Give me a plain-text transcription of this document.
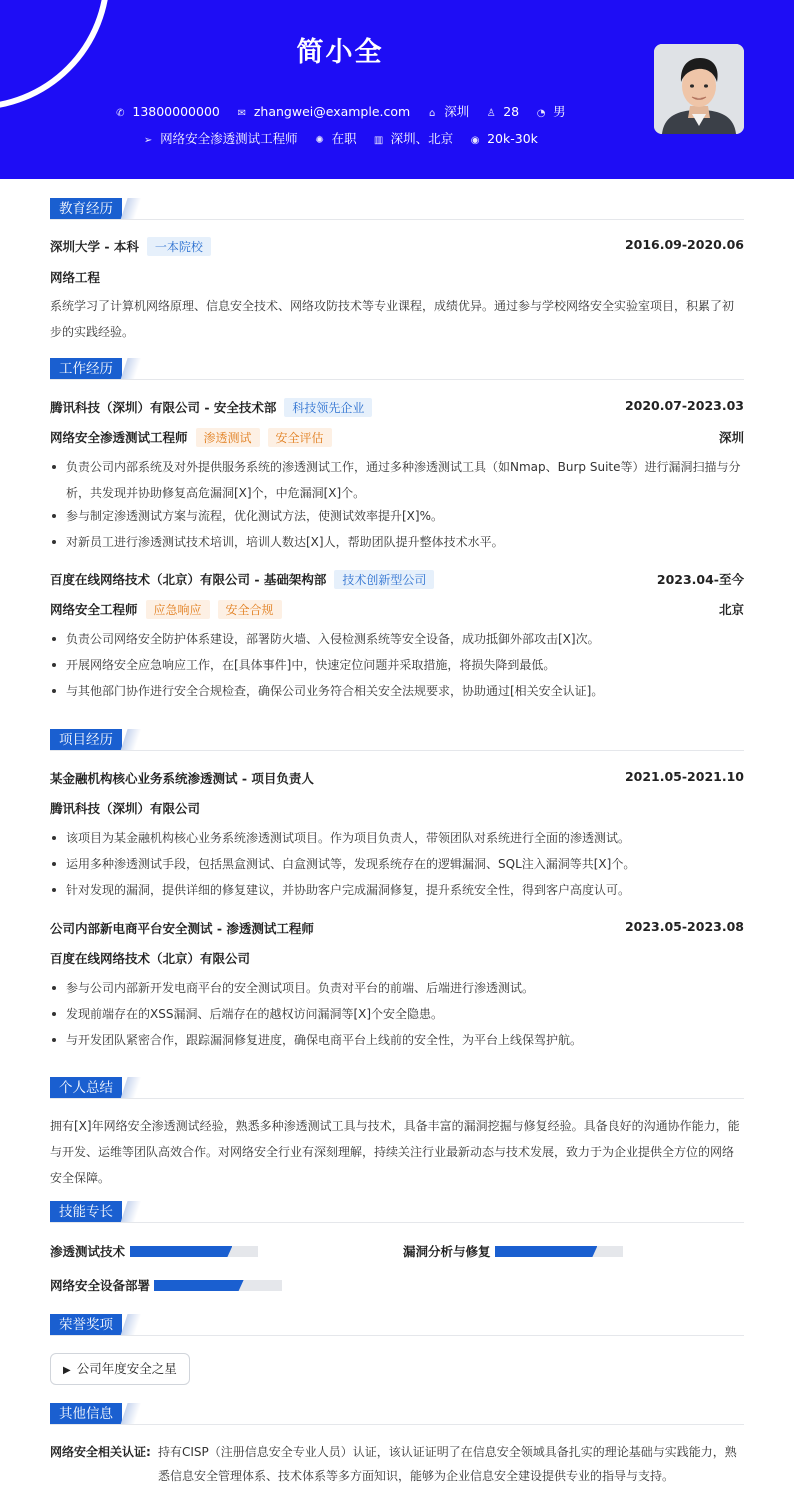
简小全
✆ 13800000000 ✉ zhangwei@example.com ⌂ 深圳 ♙ 28 ◔ 男
➢ 网络安全渗透测试工程师 ✺ 在职 ▥ 深圳、北京 ◉ 20k-30k
教育经历
深圳大学 - 本科 一本院校	2016.09-2020.06
网络工程
系统学习了计算机网络原理、信息安全技术、网络攻防技术等专业课程，成绩优异。通过参与学校网络安全实验室项目，积累了初步的实践经验。
工作经历
腾讯科技（深圳）有限公司 - 安全技术部 科技领先企业	2020.07-2023.03
网络安全渗透测试工程师 渗透测试 安全评估	深圳
负责公司内部系统及对外提供服务系统的渗透测试工作，通过多种渗透测试工具（如Nmap、Burp Suite等）进行漏洞扫描与分析，共发现并协助修复高危漏洞[X]个，中危漏洞[X]个。
参与制定渗透测试方案与流程，优化测试方法，使测试效率提升[X]%。
对新员工进行渗透测试技术培训，培训人数达[X]人，帮助团队提升整体技术水平。
百度在线网络技术（北京）有限公司 - 基础架构部 技术创新型公司	2023.04-至今
网络安全工程师 应急响应 安全合规	北京
负责公司网络安全防护体系建设，部署防火墙、入侵检测系统等安全设备，成功抵御外部攻击[X]次。
开展网络安全应急响应工作，在[具体事件]中，快速定位问题并采取措施，将损失降到最低。
与其他部门协作进行安全合规检查，确保公司业务符合相关安全法规要求，协助通过[相关安全认证]。
项目经历
某金融机构核心业务系统渗透测试 - 项目负责人	2021.05-2021.10
腾讯科技（深圳）有限公司
该项目为某金融机构核心业务系统渗透测试项目。作为项目负责人，带领团队对系统进行全面的渗透测试。
运用多种渗透测试手段，包括黑盒测试、白盒测试等，发现系统存在的逻辑漏洞、SQL注入漏洞等共[X]个。
针对发现的漏洞，提供详细的修复建议，并协助客户完成漏洞修复，提升系统安全性，得到客户高度认可。
公司内部新电商平台安全测试 - 渗透测试工程师	2023.05-2023.08
百度在线网络技术（北京）有限公司
参与公司内部新开发电商平台的安全测试项目。负责对平台的前端、后端进行渗透测试。
发现前端存在的XSS漏洞、后端存在的越权访问漏洞等[X]个安全隐患。
与开发团队紧密合作，跟踪漏洞修复进度，确保电商平台上线前的安全性，为平台上线保驾护航。
个人总结
拥有[X]年网络安全渗透测试经验，熟悉多种渗透测试工具与技术，具备丰富的漏洞挖掘与修复经验。具备良好的沟通协作能力，能与开发、运维等团队高效合作。对网络安全行业有深刻理解，持续关注行业最新动态与技术发展，致力于为企业提供全方位的网络安全保障。
技能专长
渗透测试技术	漏洞分析与修复
网络安全设备部署
荣誉奖项
▶ 公司年度安全之星
其他信息
网络安全相关认证: 持有CISP（注册信息安全专业人员）认证，该认证证明了在信息安全领域具备扎实的理论基础与实践能力，熟悉信息安全管理体系、技术体系等多方面知识，能够为企业信息安全建设提供专业的指导与支持。
